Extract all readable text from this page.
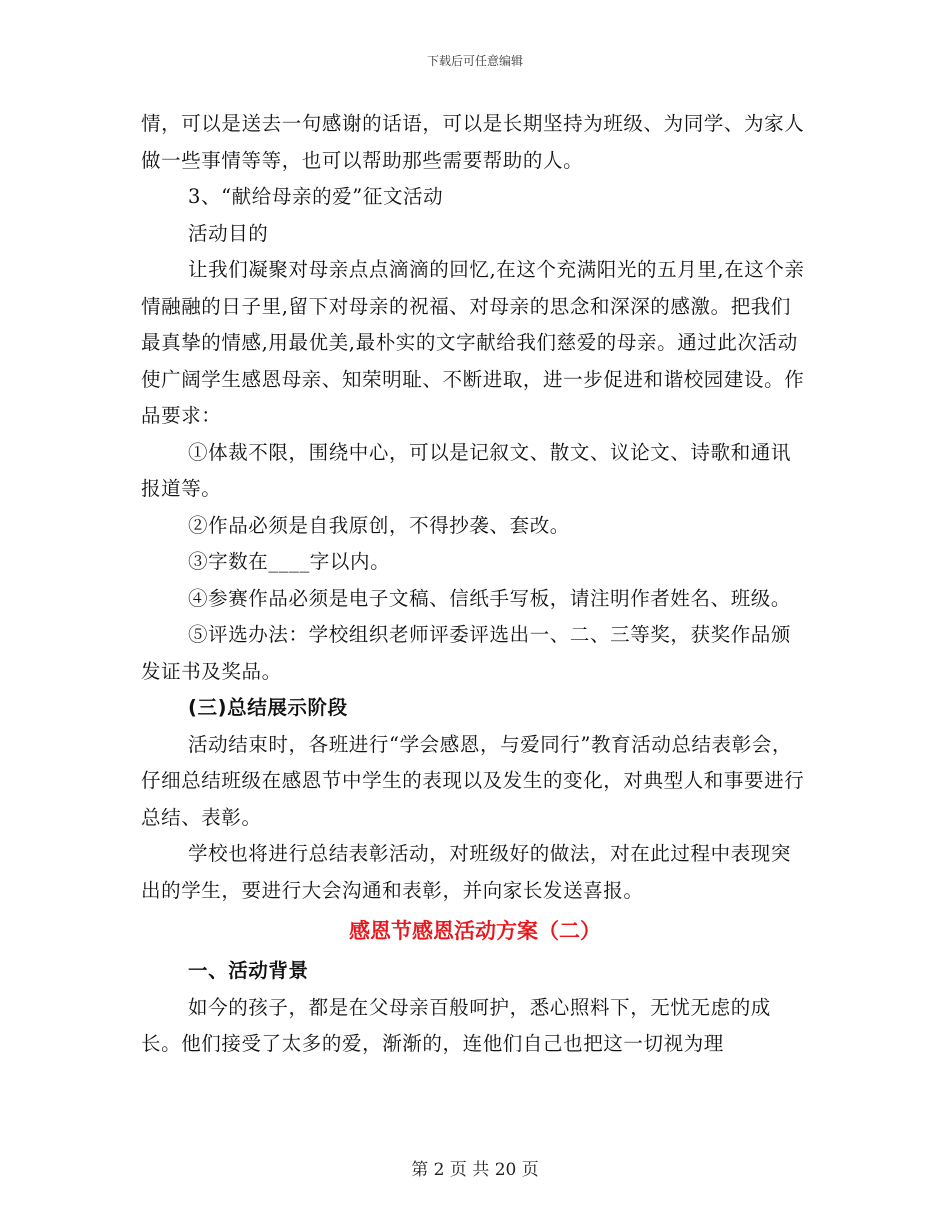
下载后可任意编辑

情，可以是送去一句感谢的话语，可以是长期坚持为班级、为同学、为家人做一些事情等等，也可以帮助那些需要帮助的人。

3、“献给母亲的爱”征文活动

活动目的

让我们凝聚对母亲点点滴滴的回忆,在这个充满阳光的五月里,在这个亲情融融的日子里,留下对母亲的祝福、对母亲的思念和深深的感激。把我们最真挚的情感,用最优美,最朴实的文字献给我们慈爱的母亲。通过此次活动使广阔学生感恩母亲、知荣明耻、不断进取，进一步促进和谐校园建设。作品要求：

①体裁不限，围绕中心，可以是记叙文、散文、议论文、诗歌和通讯报道等。

②作品必须是自我原创，不得抄袭、套改。

③字数在____字以内。

④参赛作品必须是电子文稿、信纸手写板，请注明作者姓名、班级。

⑤评选办法：学校组织老师评委评选出一、二、三等奖，获奖作品颁发证书及奖品。

(三)总结展示阶段

活动结束时，各班进行“学会感恩，与爱同行”教育活动总结表彰会，仔细总结班级在感恩节中学生的表现以及发生的变化，对典型人和事要进行总结、表彰。

学校也将进行总结表彰活动，对班级好的做法，对在此过程中表现突出的学生，要进行大会沟通和表彰，并向家长发送喜报。

感恩节感恩活动方案（二）

一、活动背景

如今的孩子，都是在父母亲百般呵护，悉心照料下，无忧无虑的成长。他们接受了太多的爱，渐渐的，连他们自己也把这一切视为理

第 2 页 共 20 页
